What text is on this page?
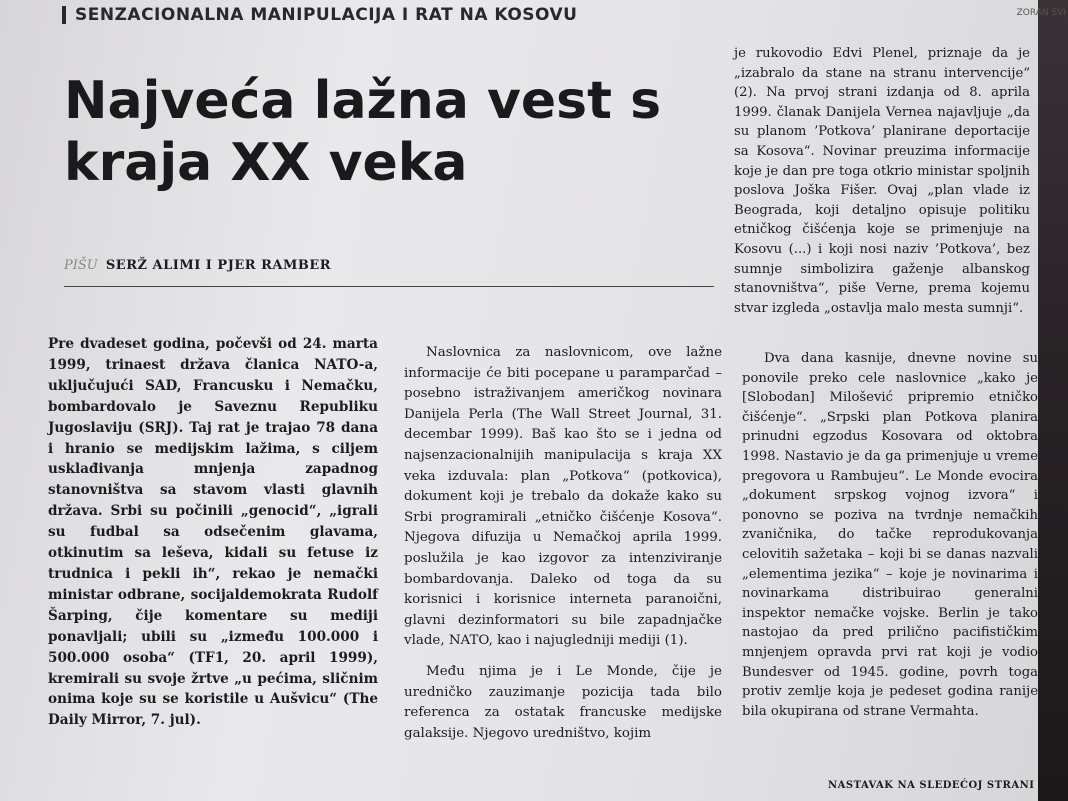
SENZACIONALNA MANIPULACIJA I RAT NA KOSOVU	ZORAN SVI
Najveća lažna vest s kraja XX veka
PIŠU SERŽ ALIMI I PJER RAMBER

Pre dvadeset godina, počevši od 24. marta 1999, trinaest država članica NATO-a, uključujući SAD, Francusku i Nemačku, bombardovalo je Saveznu Republiku Jugoslaviju (SRJ). Taj rat je trajao 78 dana i hranio se medijskim lažima, s ciljem usklađivanja mnjenja zapadnog stanovništva sa stavom vlasti glavnih država. Srbi su počinili „genocid“, „igrali su fudbal sa odsečenim glavama, otkinutim sa leševa, kidali su fetuse iz trudnica i pekli ih“, rekao je nemački ministar odbrane, socijaldemokrata Rudolf Šarping, čije komentare su mediji ponavljali; ubili su „između 100.000 i 500.000 osoba“ (TF1, 20. april 1999), kremirali su svoje žrtve „u pećima, sličnim onima koje su se koristile u Aušvicu“ (The Daily Mirror, 7. jul).

Naslovnica za naslovnicom, ove lažne informacije će biti pocepane u paramparčad – posebno istraživanjem američkog novinara Danijela Perla (The Wall Street Journal, 31. decembar 1999). Baš kao što se i jedna od najsenzacionalnijih manipulacija s kraja XX veka izduvala: plan „Potkova“ (potkovica), dokument koji je trebalo da dokaže kako su Srbi programirali „etničko čišćenje Kosova“. Njegova difuzija u Nemačkoj aprila 1999. poslužila je kao izgovor za intenziviranje bombardovanja. Daleko od toga da su korisnici i korisnice interneta paranoični, glavni dezinformatori su bile zapadnjačke vlade, NATO, kao i najugledniji mediji (1).

Među njima je i Le Monde, čije je uredničko zauzimanje pozicija tada bilo referenca za ostatak francuske medijske galaksije. Njegovo uredništvo, kojim

je rukovodio Edvi Plenel, priznaje da je „izabralo da stane na stranu intervencije“ (2). Na prvoj strani izdanja od 8. aprila 1999. članak Danijela Vernea najavljuje „da su planom ’Potkova’ planirane deportacije sa Kosova“. Novinar preuzima informacije koje je dan pre toga otkrio ministar spoljnih poslova Joška Fišer. Ovaj „plan vlade iz Beograda, koji detaljno opisuje politiku etničkog čišćenja koje se primenjuje na Kosovu (...) i koji nosi naziv ’Potkova’, bez sumnje simbolizira gaženje albanskog stanovništva“, piše Verne, prema kojemu stvar izgleda „ostavlja malo mesta sumnji“.

Dva dana kasnije, dnevne novine su ponovile preko cele naslovnice „kako je [Slobodan] Milošević pripremio etničko čišćenje“. „Srpski plan Potkova planira prinudni egzodus Kosovara od oktobra 1998. Nastavio je da ga primenjuje u vreme pregovora u Rambujeu“. Le Monde evocira „dokument srpskog vojnog izvora“ i ponovno se poziva na tvrdnje nemačkih zvaničnika, do tačke reprodukovanja celovitih sažetaka – koji bi se danas nazvali „elementima jezika“ – koje je novinarima i novinarkama distribuirao generalni inspektor nemačke vojske. Berlin je tako nastojao da pred prilično pacifističkim mnjenjem opravda prvi rat koji je vodio Bundesver od 1945. godine, povrh toga protiv zemlje koja je pedeset godina ranije bila okupirana od strane Vermahta.

NASTAVAK NA SLEDEĆOJ STRANI
